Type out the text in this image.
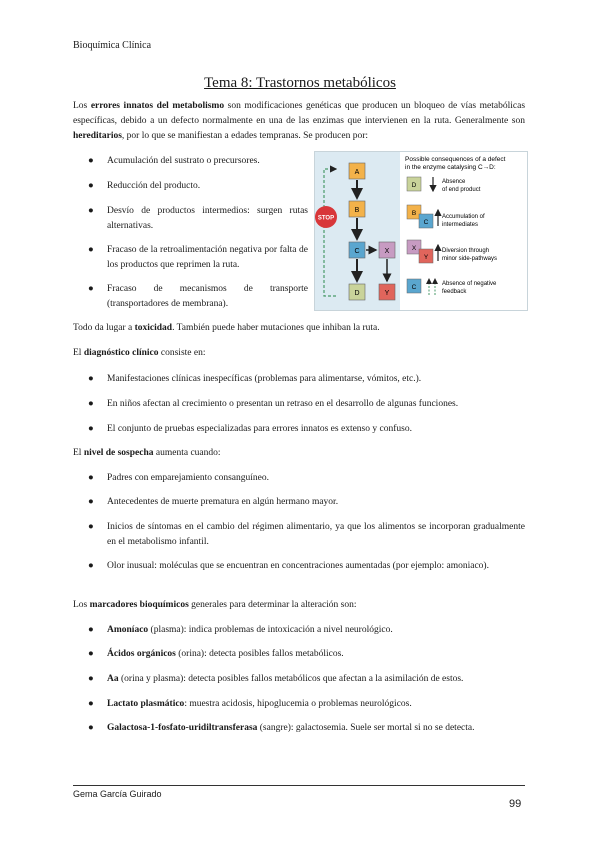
Bioquímica Clínica
Tema 8: Trastornos metabólicos
Los errores innatos del metabolismo son modificaciones genéticas que producen un bloqueo de vías metabólicas específicas, debido a un defecto normalmente en una de las enzimas que intervienen en la ruta. Generalmente son hereditarios, por lo que se manifiestan a edades tempranas. Se producen por:
● Acumulación del sustrato o precursores.
● Reducción del producto.
● Desvío de productos intermedios: surgen rutas alternativas.
● Fracaso de la retroalimentación negativa por falta de los productos que reprimen la ruta.
● Fracaso de mecanismos de transporte (transportadores de membrana).
A
B
C
D
X
Y
STOP
Possible consequences of a defect
in the enzyme catalysing C→D:
D	Absence
of end product
B
C
Accumulation of
intermediates
X
Y
Diversion through
minor side-pathways
C	Absence of negative
feedback
Todo da lugar a toxicidad. También puede haber mutaciones que inhiban la ruta.
El diagnóstico clínico consiste en:
● Manifestaciones clínicas inespecíficas (problemas para alimentarse, vómitos, etc.).
● En niños afectan al crecimiento o presentan un retraso en el desarrollo de algunas funciones.
● El conjunto de pruebas especializadas para errores innatos es extenso y confuso.
El nivel de sospecha aumenta cuando:
● Padres con emparejamiento consanguíneo.
● Antecedentes de muerte prematura en algún hermano mayor.
● Inicios de síntomas en el cambio del régimen alimentario, ya que los alimentos se incorporan gradualmente en el metabolismo infantil.
● Olor inusual: moléculas que se encuentran en concentraciones aumentadas (por ejemplo: amoniaco).
Los marcadores bioquímicos generales para determinar la alteración son:
● Amoníaco (plasma): indica problemas de intoxicación a nivel neurológico.
● Ácidos orgánicos (orina): detecta posibles fallos metabólicos.
● Aa (orina y plasma): detecta posibles fallos metabólicos que afectan a la asimilación de estos.
● Lactato plasmático: muestra acidosis, hipoglucemia o problemas neurológicos.
● Galactosa-1-fosfato-uridiltransferasa (sangre): galactosemia. Suele ser mortal si no se detecta.
Gema García Guirado
99
